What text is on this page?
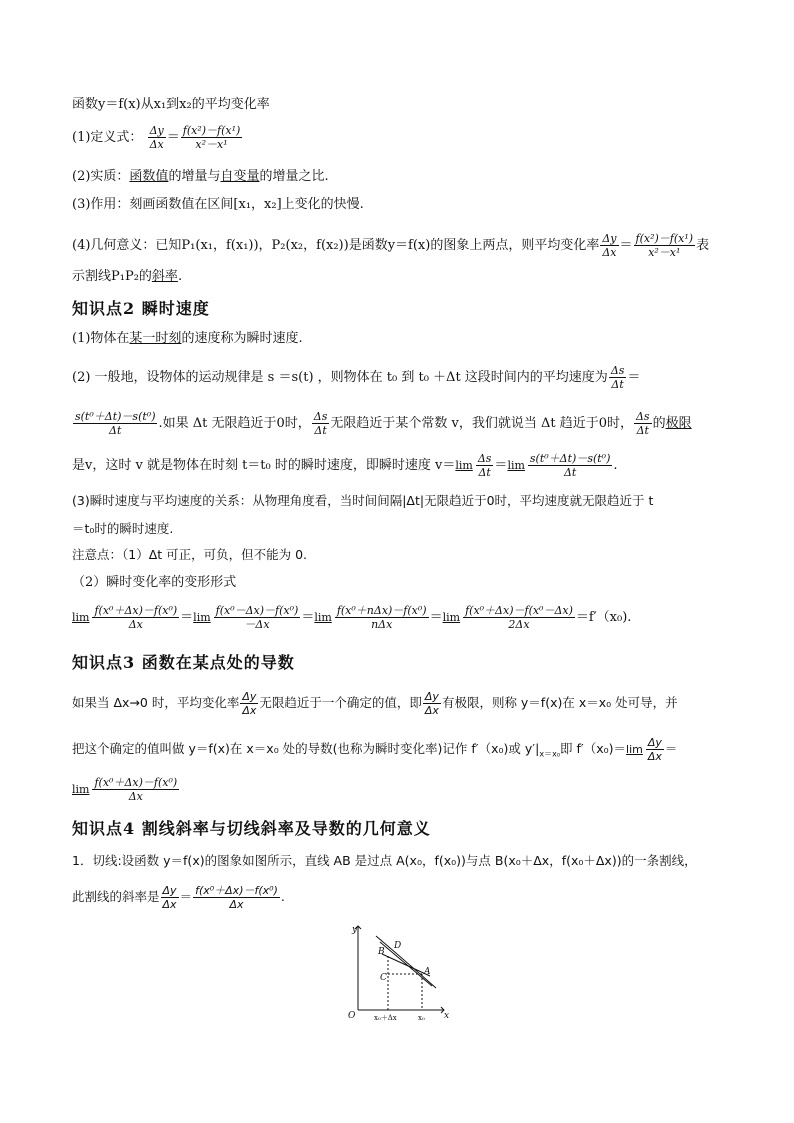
函数y＝f(x)从x₁到x₂的平均变化率
(1)定义式： $\frac{\Delta y}{\Delta x} = \frac{\text{f(x²)－f(x¹)}}{\text{x²－x¹}}$
(2)实质：函数值的增量与自变量的增量之比.
(3)作用：刻画函数值在区间[x₁，x₂]上变化的快慢.
(4)几何意义：已知P₁(x₁，f(x₁))，P₂(x₂，f(x₂))是函数y＝f(x)的图象上两点，则平均变化率 $\frac{\Delta y}{\Delta x} = \frac{\text{f(x²)－f(x¹)}}{\text{x²－x¹}}$ 表
示割线P₁P₂的斜率.
知识点2 瞬时速度
(1)物体在某一时刻的速度称为瞬时速度.
(2) 一般地，设物体的运动规律是 s ＝s(t) ，则物体在 t₀ 到 t₀ ＋Δt 这段时间内的平均速度为 $\frac{\Delta s}{\Delta t}$ ＝
$\frac{\text{s(t⁰＋Δt)－s(t⁰)}}{\Delta t}$ .如果 Δt 无限趋近于0时， $\frac{\Delta s}{\Delta t}$ 无限趋近于某个常数 v，我们就说当 Δt 趋近于0时， $\frac{\Delta s}{\Delta t}$ 的极限
是v，这时 v 就是物体在时刻 t＝t₀ 时的瞬时速度，即瞬时速度 $v=\lim \frac{\Delta s}{\Delta t} =\lim \frac{\text{s(t⁰＋Δt)－s(t⁰)}}{\Delta t}$ .
(3)瞬时速度与平均速度的关系：从物理角度看，当时间间隔|Δt|无限趋近于0时，平均速度就无限趋近于 t
＝t₀时的瞬时速度.
注意点：（1）Δt 可正，可负，但不能为 0.
（2）瞬时变化率的变形形式
$\lim \frac{\text{f(x⁰＋Δx)－f(x⁰)}}{\Delta x} =\lim \frac{\text{f(x⁰－Δx)－f(x⁰)}}{-\Delta x} =\lim \frac{\text{f(x⁰＋nΔx)－f(x⁰)}}{\text{nΔx}} =\lim \frac{\text{f(x⁰＋Δx)－f(x⁰－Δx)}}{2\Delta x} =f'(x_0)$.
知识点3 函数在某点处的导数
如果当 Δx→0 时，平均变化率 $\frac{\Delta y}{\Delta x}$ 无限趋近于一个确定的值，即 $\frac{\Delta y}{\Delta x}$ 有极限，则称 y＝f(x)在 x＝x₀ 处可导，并
把这个确定的值叫做 y＝f(x)在 x＝x₀ 处的导数(也称为瞬时变化率)记作 f′（x₀)或 $y'|_{x=x_0}$即 $f'(x_0)=\lim \frac{\Delta y}{\Delta x}$ ＝
$\lim \frac{\text{f(x⁰＋Δx)－f(x⁰)}}{\Delta x}$
知识点4 割线斜率与切线斜率及导数的几何意义
1．切线:设函数 y＝f(x)的图象如图所示，直线 AB 是过点 A(x₀，f(x₀))与点 B(x₀＋Δx，f(x₀＋Δx))的一条割线，
此割线的斜率是 $\frac{\Delta y}{\Delta x} = \frac{\text{f(x⁰＋Δx)－f(x⁰)}}{\Delta x}$ .
y
x
O
B
D
C
A
x₀＋Δx	x₀
